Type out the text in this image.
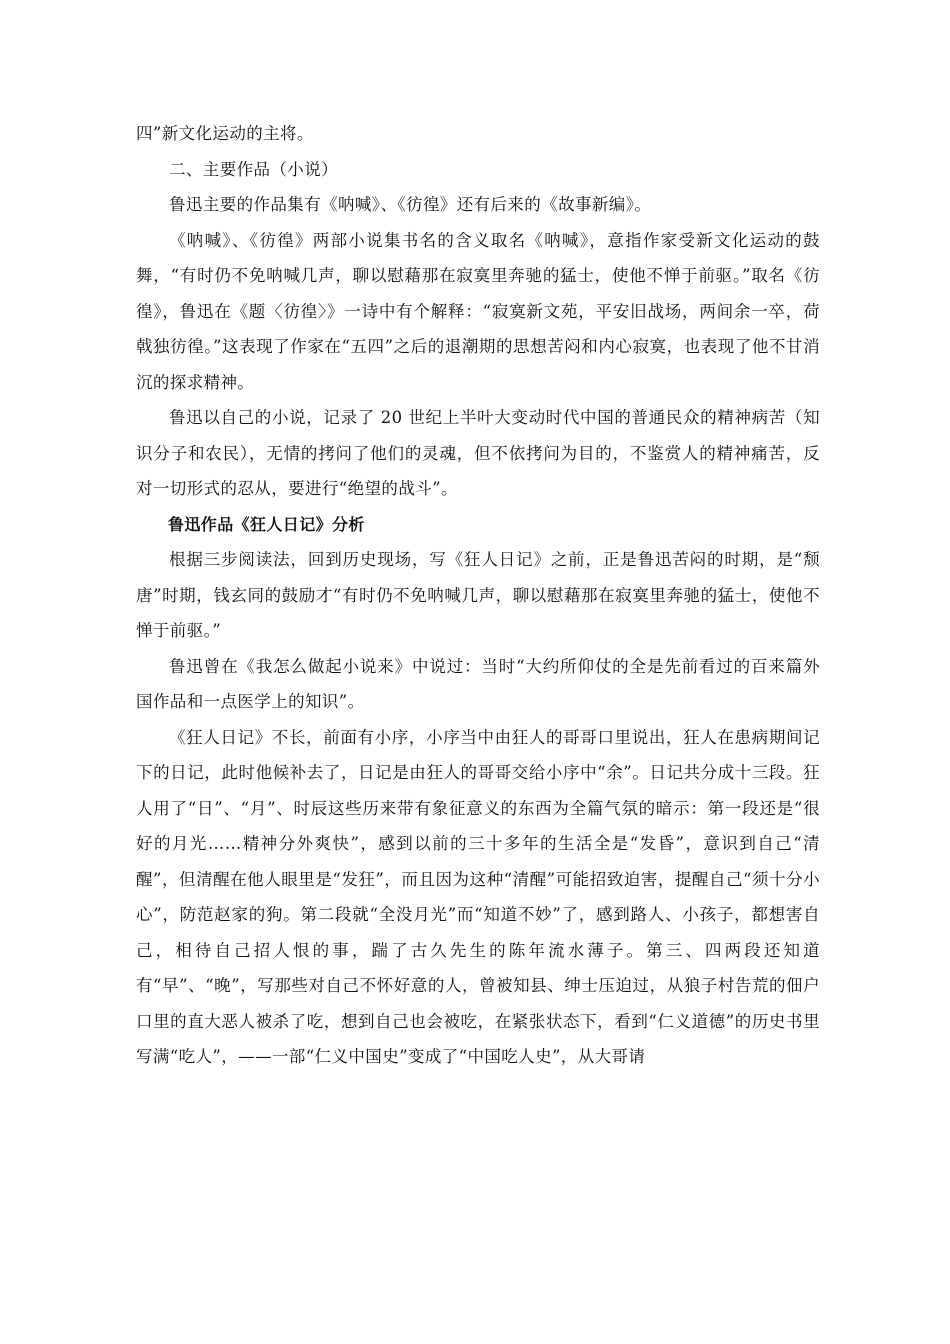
四”新文化运动的主将。

二、主要作品（小说）

鲁迅主要的作品集有《呐喊》、《彷徨》还有后来的《故事新编》。

《呐喊》、《彷徨》两部小说集书名的含义取名《呐喊》，意指作家受新文化运动的鼓舞，“有时仍不免呐喊几声，聊以慰藉那在寂寞里奔驰的猛士，使他不惮于前驱。”取名《彷徨》，鲁迅在《题〈彷徨〉》一诗中有个解释：“寂寞新文苑，平安旧战场，两间余一卒，荷戟独彷徨。”这表现了作家在“五四”之后的退潮期的思想苦闷和内心寂寞，也表现了他不甘消沉的探求精神。

鲁迅以自己的小说，记录了 20 世纪上半叶大变动时代中国的普通民众的精神病苦（知识分子和农民），无情的拷问了他们的灵魂，但不依拷问为目的，不鉴赏人的精神痛苦，反对一切形式的忍从，要进行“绝望的战斗”。

鲁迅作品《狂人日记》分析

根据三步阅读法，回到历史现场，写《狂人日记》之前，正是鲁迅苦闷的时期，是“颓唐”时期，钱玄同的鼓励才“有时仍不免呐喊几声，聊以慰藉那在寂寞里奔驰的猛士，使他不惮于前驱。”

鲁迅曾在《我怎么做起小说来》中说过：当时“大约所仰仗的全是先前看过的百来篇外国作品和一点医学上的知识”。

《狂人日记》不长，前面有小序，小序当中由狂人的哥哥口里说出，狂人在患病期间记下的日记，此时他候补去了，日记是由狂人的哥哥交给小序中“余”。日记共分成十三段。狂人用了“日”、“月”、时辰这些历来带有象征意义的东西为全篇气氛的暗示：第一段还是“很好的月光……精神分外爽快”，感到以前的三十多年的生活全是“发昏”，意识到自己“清醒”，但清醒在他人眼里是“发狂”，而且因为这种“清醒”可能招致迫害，提醒自己“须十分小心”，防范赵家的狗。第二段就“全没月光”而“知道不妙”了，感到路人、小孩子，都想害自己，相待自己招人恨的事，踹了古久先生的陈年流水薄子。第三、四两段还知道有“早”、“晚”，写那些对自己不怀好意的人，曾被知县、绅士压迫过，从狼子村告荒的佃户口里的直大恶人被杀了吃，想到自己也会被吃，在紧张状态下，看到“仁义道德”的历史书里写满“吃人”，——一部“仁义中国史”变成了“中国吃人史”，从大哥请
